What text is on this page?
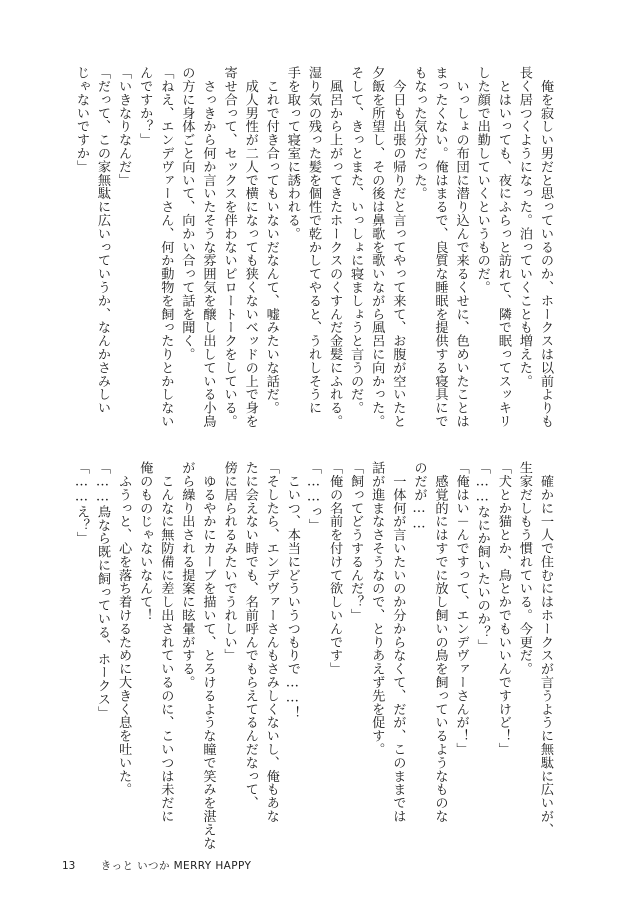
　俺を寂しい男だと思っているのか、ホークスは以前よりも
長く居つくようになった。泊っていくことも増えた。
　とはいっても、夜にふらっと訪れて、隣で眠ってスッキリ
した顔で出勤していくというものだ。
　いっしょの布団に潜り込んで来るくせに、色めいたことは
まったくない。俺はまるで、良質な睡眠を提供する寝具にで
もなった気分だった。
　今日も出張の帰りだと言ってやって来て、お腹が空いたと
夕飯を所望し、その後は鼻歌を歌いながら風呂に向かった。
そして、きっとまた、いっしょに寝ましょうと言うのだ。
　風呂から上がってきたホークスのくすんだ金髪にふれる。
湿り気の残った髪を個性で乾かしてやると、うれしそうに
手を取って寝室に誘われる。
　これで付き合ってもいないだなんて、嘘みたいな話だ。
　成人男性が二人で横になっても狭くないベッドの上で身を
寄せ合って、セックスを伴わないピロートークをしている。
　さっきから何か言いたそうな雰囲気を醸し出している小鳥
の方に身体ごと向いて、向かい合って話を聞く。
「ねえ、エンデヴァーさん、何か動物を飼ったりとかしない
んですか？」
「いきなりなんだ」
「だって、この家無駄に広いっていうか、なんかさみしい
じゃないですか」
　確かに一人で住むにはホークスが言うように無駄に広いが、
生家だしもう慣れている。今更だ。
「犬とか猫とか、鳥とかでもいいんですけど！」
「……なにか飼いたいのか？」
「俺はい－んですって、エンデヴァーさんが！」
　感覚的にはすでに放し飼いの鳥を飼っているようなものな
のだが……
　一体何が言いたいのか分からなくて、だが、このままでは
話が進まなさそうなので、とりあえず先を促す。
「飼ってどうするんだ？」
「俺の名前を付けて欲しいんです」
「……っ」
　こいつ、本当にどういうつもりで……！
「そしたら、エンデヴァーさんもさみしくないし、俺もあな
たに会えない時でも、名前呼んでもらえてるんだなって、
傍に居られるみたいでうれしい」
　ゆるやかにカーブを描いて、とろけるような瞳で笑みを湛えな
がら繰り出される提案に眩暈がする。
　こんなに無防備に差し出されているのに、こいつは未だに
俺のものじゃないなんて！
　ふうっと、心を落ち着けるために大きく息を吐いた。
「……鳥なら既に飼っている、ホークス」
「……え？」
13 きっと いつか MERRY HAPPY
